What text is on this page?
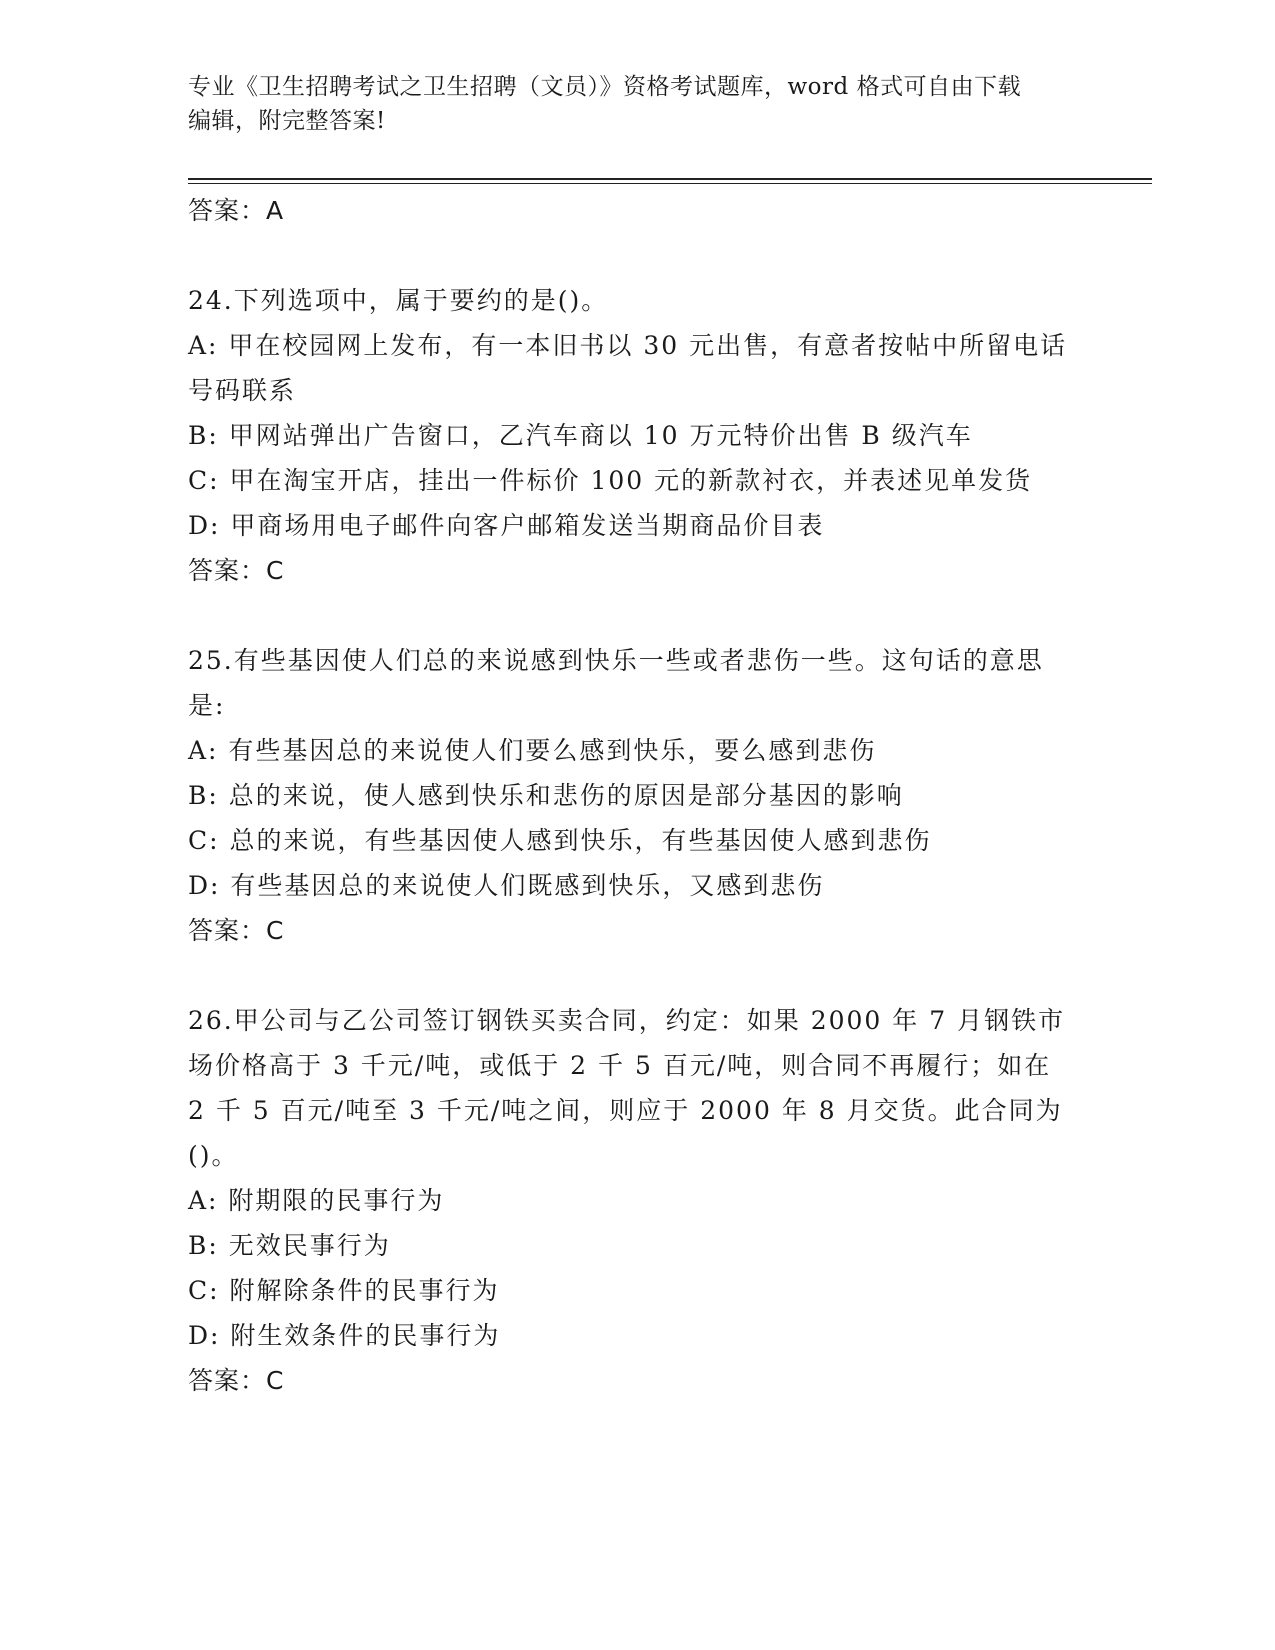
专业《卫生招聘考试之卫生招聘（文员）》资格考试题库，word 格式可自由下载
编辑，附完整答案!
答案：A

24.下列选项中，属于要约的是()。

A: 甲在校园网上发布，有一本旧书以 30 元出售，有意者按帖中所留电话号码联系

B: 甲网站弹出广告窗口，乙汽车商以 10 万元特价出售 B 级汽车

C: 甲在淘宝开店，挂出一件标价 100 元的新款衬衣，并表述见单发货

D: 甲商场用电子邮件向客户邮箱发送当期商品价目表

答案：C

25.有些基因使人们总的来说感到快乐一些或者悲伤一些。这句话的意思是:

A: 有些基因总的来说使人们要么感到快乐，要么感到悲伤

B: 总的来说，使人感到快乐和悲伤的原因是部分基因的影响

C: 总的来说，有些基因使人感到快乐，有些基因使人感到悲伤

D: 有些基因总的来说使人们既感到快乐，又感到悲伤

答案：C

26.甲公司与乙公司签订钢铁买卖合同，约定：如果 2000 年 7 月钢铁市场价格高于 3 千元/吨，或低于 2 千 5 百元/吨，则合同不再履行；如在 2 千 5 百元/吨至 3 千元/吨之间，则应于 2000 年 8 月交货。此合同为()。

A: 附期限的民事行为

B: 无效民事行为

C: 附解除条件的民事行为

D: 附生效条件的民事行为

答案：C
